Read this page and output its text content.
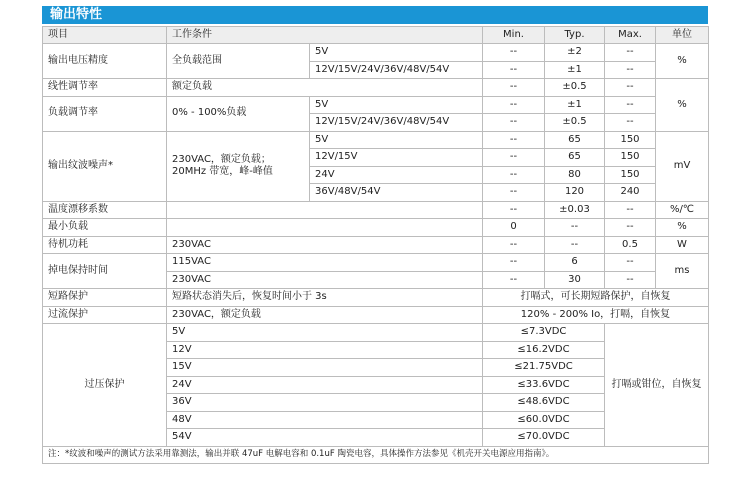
输出特性
项目	工作条件		Min.	Typ.	Max.	单位
输出电压精度	全负载范围	5V	--	±2	--	%
		12V/15V/24V/36V/48V/54V	--	±1	--	
线性调节率	额定负载		--	±0.5	--	%
负载调节率	0% - 100%负载	5V	--	±1	--	
		12V/15V/24V/36V/48V/54V	--	±0.5	--	
输出纹波噪声*	230VAC，额定负载；
20MHz 带宽，峰-峰值	5V	--	65	150	mV
		12V/15V	--	65	150	
		24V	--	80	150	
		36V/48V/54V	--	120	240	
温度漂移系数			--	±0.03	--	%/℃
最小负载			0	--	--	%
待机功耗	230VAC		--	--	0.5	W
掉电保持时间	115VAC		--	6	--	ms
	230VAC		--	30	--	
短路保护	短路状态消失后，恢复时间小于 3s		打嗝式，可长期短路保护，自恢复			
过流保护	230VAC，额定负载		120% - 200% Io，打嗝，自恢复			
过压保护	5V		≤7.3VDC		打嗝或钳位，自恢复	
	12V		≤16.2VDC			
	15V		≤21.75VDC			
	24V		≤33.6VDC			
	36V		≤48.6VDC			
	48V		≤60.0VDC			
	54V		≤70.0VDC			
注：*纹波和噪声的测试方法采用靠测法，输出并联 47uF 电解电容和 0.1uF 陶瓷电容，具体操作方法参见《机壳开关电源应用指南》。						
